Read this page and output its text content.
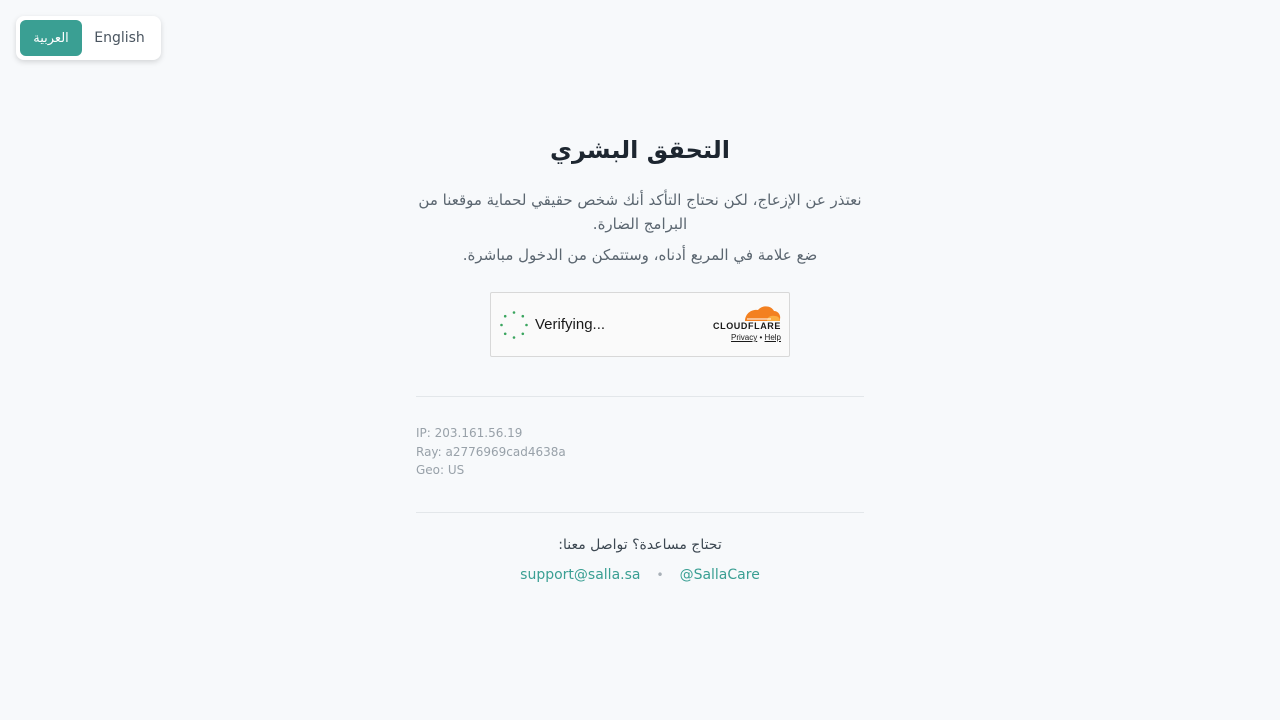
العربية	English
التحقق البشري

نعتذر عن الإزعاج، لكن نحتاج التأكد أنك شخص حقيقي لحماية موقعنا من البرامج الضارة.

ضع علامة في المربع أدناه، وستتمكن من الدخول مباشرة.

Verifying...	CLOUDFLARE
Privacy • Help
IP: 203.161.56.19
Ray: a2776969cad4638a
Geo: US

تحتاج مساعدة؟ تواصل معنا:

support@salla.sa • @SallaCare
